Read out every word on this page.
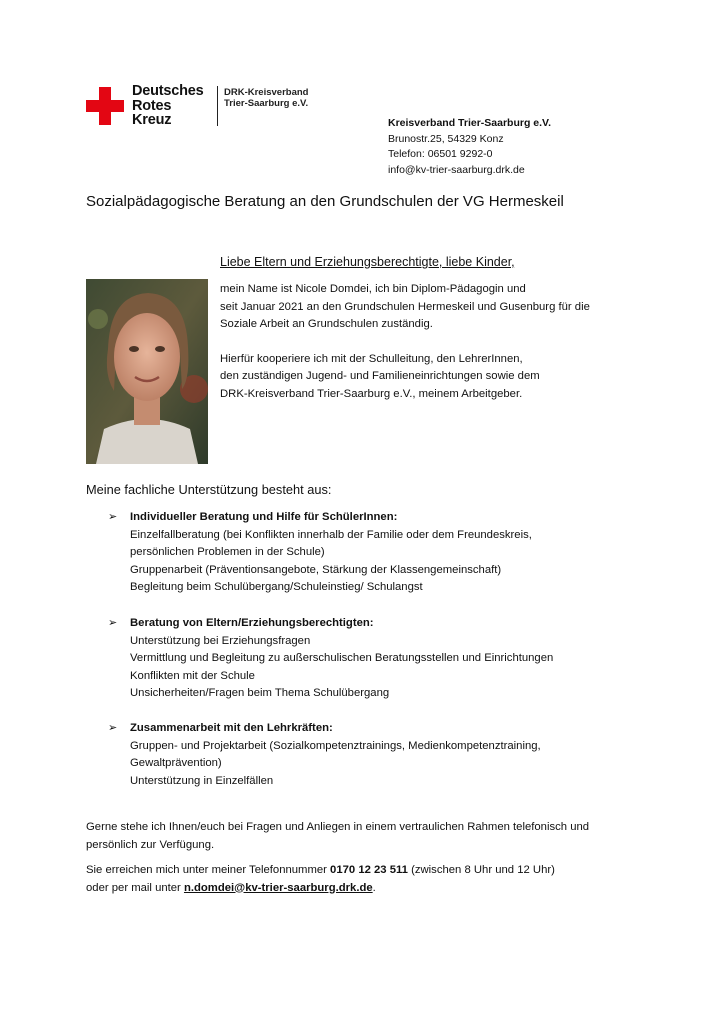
Deutsches
Rotes
Kreuz
DRK-Kreisverband
Trier-Saarburg e.V.
Kreisverband Trier-Saarburg e.V.
Brunostr.25, 54329 Konz
Telefon: 06501 9292-0
info@kv-trier-saarburg.drk.de
Sozialpädagogische Beratung an den Grundschulen der VG Hermeskeil
Liebe Eltern und Erziehungsberechtigte, liebe Kinder,

mein Name ist Nicole Domdei, ich bin Diplom-Pädagogin und
seit Januar 2021 an den Grundschulen Hermeskeil und Gusenburg für die
Soziale Arbeit an Grundschulen zuständig.

Hierfür kooperiere ich mit der Schulleitung, den LehrerInnen,
den zuständigen Jugend- und Familieneinrichtungen sowie dem
DRK-Kreisverband Trier-Saarburg e.V., meinem Arbeitgeber.

Meine fachliche Unterstützung besteht aus:
➢ Individueller Beratung und Hilfe für SchülerInnen:
Einzelfallberatung (bei Konflikten innerhalb der Familie oder dem Freundeskreis,
persönlichen Problemen in der Schule)
Gruppenarbeit (Präventionsangebote, Stärkung der Klassengemeinschaft)
Begleitung beim Schulübergang/Schuleinstieg/ Schulangst
➢ Beratung von Eltern/Erziehungsberechtigten:
Unterstützung bei Erziehungsfragen
Vermittlung und Begleitung zu außerschulischen Beratungsstellen und Einrichtungen
Konflikten mit der Schule
Unsicherheiten/Fragen beim Thema Schulübergang
➢ Zusammenarbeit mit den Lehrkräften:
Gruppen- und Projektarbeit (Sozialkompetenztrainings, Medienkompetenztraining,
Gewaltprävention)
Unterstützung in Einzelfällen

Gerne stehe ich Ihnen/euch bei Fragen und Anliegen in einem vertraulichen Rahmen telefonisch und
persönlich zur Verfügung.

Sie erreichen mich unter meiner Telefonnummer 0170 12 23 511 (zwischen 8 Uhr und 12 Uhr)
oder per mail unter n.domdei@kv-trier-saarburg.drk.de.
